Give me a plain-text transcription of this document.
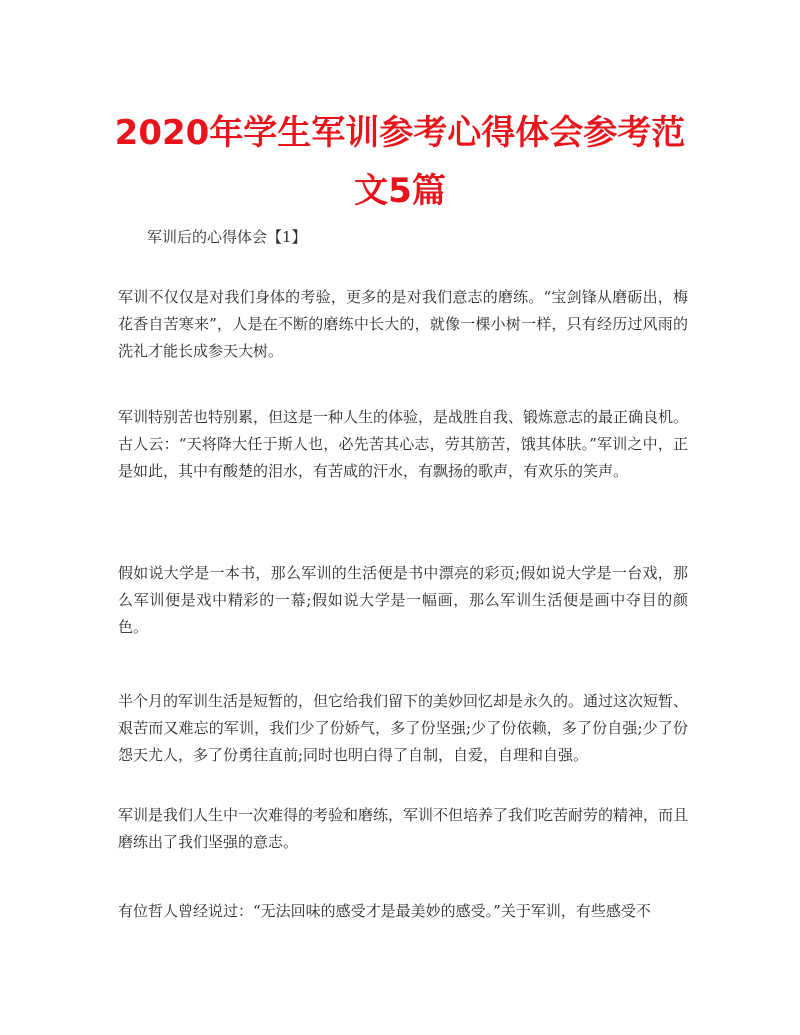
2020年学生军训参考心得体会参考范文5篇

军训后的心得体会【1】

军训不仅仅是对我们身体的考验，更多的是对我们意志的磨练。“宝剑锋从磨砺出，梅花香自苦寒来”，人是在不断的磨练中长大的，就像一棵小树一样，只有经历过风雨的洗礼才能长成参天大树。

军训特别苦也特别累，但这是一种人生的体验，是战胜自我、锻炼意志的最正确良机。古人云：“天将降大任于斯人也，必先苦其心志，劳其筋苦，饿其体肤。”军训之中，正是如此，其中有酸楚的泪水，有苦咸的汗水，有飘扬的歌声，有欢乐的笑声。

假如说大学是一本书，那么军训的生活便是书中漂亮的彩页;假如说大学是一台戏，那么军训便是戏中精彩的一幕;假如说大学是一幅画，那么军训生活便是画中夺目的颜色。

半个月的军训生活是短暂的，但它给我们留下的美妙回忆却是永久的。通过这次短暂、艰苦而又难忘的军训，我们少了份娇气，多了份坚强;少了份依赖，多了份自强;少了份怨天尤人，多了份勇往直前;同时也明白得了自制，自爱，自理和自强。

军训是我们人生中一次难得的考验和磨练，军训不但培养了我们吃苦耐劳的精神，而且磨练出了我们坚强的意志。

有位哲人曾经说过：“无法回味的感受才是最美妙的感受。”关于军训，有些感受不
